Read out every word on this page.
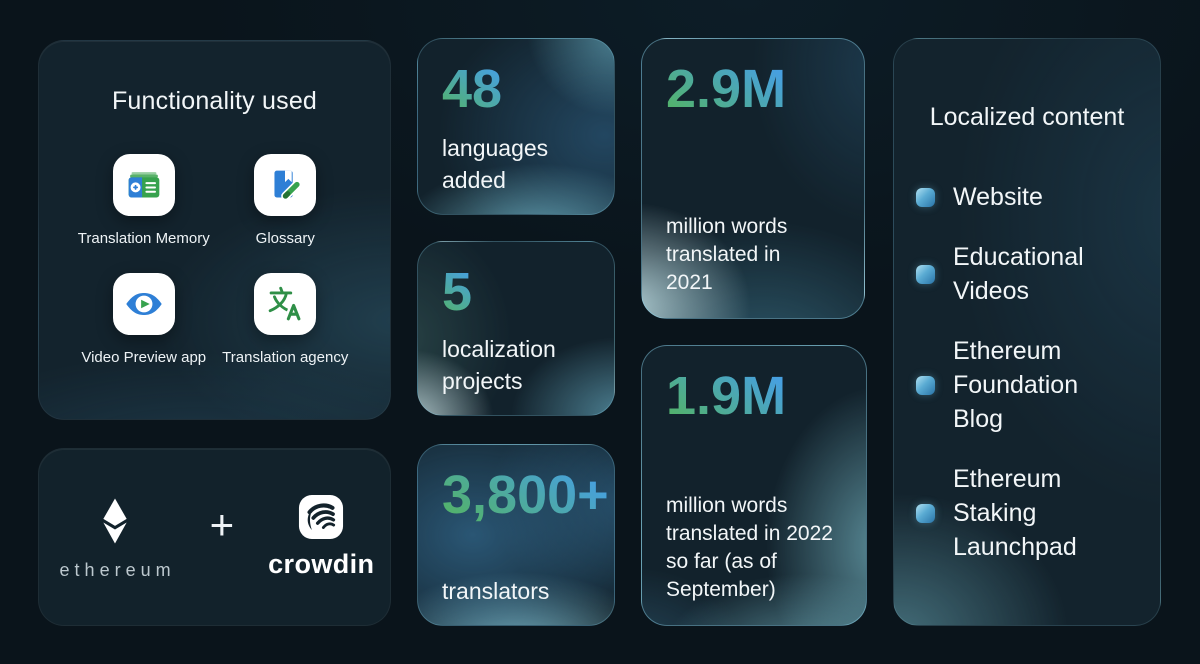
Functionality used
Translation Memory	Glossary
Video Preview app Translation agency
ethereum
+
crowdin
48
languages added
5
localization projects
3,800+
translators
2.9M
million words translated in 2021
1.9M
million words translated in 2022 so far (as of September)
Localized content
Website
Educational Videos
Ethereum Foundation Blog
Ethereum Staking Launchpad
